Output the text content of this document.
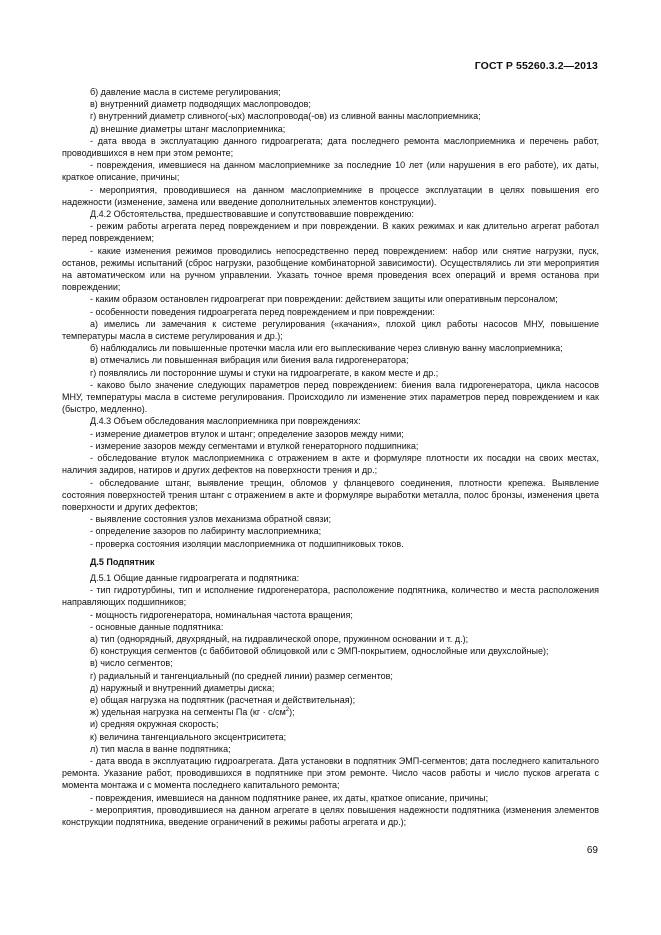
ГОСТ Р 55260.3.2—2013

б) давление масла в системе регулирования;

в) внутренний диаметр подводящих маслопроводов;

г) внутренний диаметр сливного(-ых) маслопровода(-ов) из сливной ванны маслоприемника;

д) внешние диаметры штанг маслоприемника;

- дата ввода в эксплуатацию данного гидроагрегата; дата последнего ремонта маслоприемника и перечень работ, проводившихся в нем при этом ремонте;

- повреждения, имевшиеся на данном маслоприемнике за последние 10 лет (или нарушения в его работе), их даты, краткое описание, причины;

- мероприятия, проводившиеся на данном маслоприемнике в процессе эксплуатации в целях повышения его надежности (изменение, замена или введение дополнительных элементов конструкции).

Д.4.2 Обстоятельства, предшествовавшие и сопутствовавшие повреждению:

- режим работы агрегата перед повреждением и при повреждении. В каких режимах и как длительно агрегат работал перед повреждением;

- какие изменения режимов проводились непосредственно перед повреждением: набор или снятие нагрузки, пуск, останов, режимы испытаний (сброс нагрузки, разобщение комбинаторной зависимости). Осуществлялись ли эти мероприятия на автоматическом или на ручном управлении. Указать точное время проведения всех операций и время останова при повреждении;

- каким образом остановлен гидроагрегат при повреждении: действием защиты или оперативным персоналом;

- особенности поведения гидроагрегата перед повреждением и при повреждении:

а) имелись ли замечания к системе регулирования («качания», плохой цикл работы насосов МНУ, повышение температуры масла в системе регулирования и др.);

б) наблюдались ли повышенные протечки масла или его выплескивание через сливную ванну маслоприемника;

в) отмечались ли повышенная вибрация или биения вала гидрогенератора;

г) появлялись ли посторонние шумы и стуки на гидроагрегате, в каком месте и др.;

- каково было значение следующих параметров перед повреждением: биения вала гидрогенератора, цикла насосов МНУ, температуры масла в системе регулирования. Происходило ли изменение этих параметров перед повреждением и как (быстро, медленно).

Д.4.3 Объем обследования маслоприемника при повреждениях:

- измерение диаметров втулок и штанг; определение зазоров между ними;

- измерение зазоров между сегментами и втулкой генераторного подшипника;

- обследование втулок маслоприемника с отражением в акте и формуляре плотности их посадки на своих местах, наличия задиров, натиров и других дефектов на поверхности трения и др.;

- обследование штанг, выявление трещин, обломов у фланцевого соединения, плотности крепежа. Выявление состояния поверхностей трения штанг с отражением в акте и формуляре выработки металла, полос бронзы, изменения цвета поверхности и других дефектов;

- выявление состояния узлов механизма обратной связи;

- определение зазоров по лабиринту маслоприемника;

- проверка состояния изоляции маслоприемника от подшипниковых токов.

Д.5 Подпятник

Д.5.1 Общие данные гидроагрегата и подпятника:

- тип гидротурбины, тип и исполнение гидрогенератора, расположение подпятника, количество и места расположения направляющих подшипников;

- мощность гидрогенератора, номинальная частота вращения;

- основные данные подпятника:

а) тип (однорядный, двухрядный, на гидравлической опоре, пружинном основании и т. д.);

б) конструкция сегментов (с баббитовой облицовкой или с ЭМП-покрытием, однослойные или двухслойные);

в) число сегментов;

г) радиальный и тангенциальный (по средней линии) размер сегментов;

д) наружный и внутренний диаметры диска;

е) общая нагрузка на подпятник (расчетная и действительная);

ж) удельная нагрузка на сегменты Па $(кг \cdot с/см^2)$;

и) средняя окружная скорость;

к) величина тангенциального эксцентриситета;

л) тип масла в ванне подпятника;

- дата ввода в эксплуатацию гидроагрегата. Дата установки в подпятник ЭМП-сегментов; дата последнего капитального ремонта. Указание работ, проводившихся в подпятнике при этом ремонте. Число часов работы и число пусков агрегата с момента монтажа и с момента последнего капитального ремонта;

- повреждения, имевшиеся на данном подпятнике ранее, их даты, краткое описание, причины;

- мероприятия, проводившиеся на данном агрегате в целях повышения надежности подпятника (изменения элементов конструкции подпятника, введение ограничений в режимы работы агрегата и др.);

69
